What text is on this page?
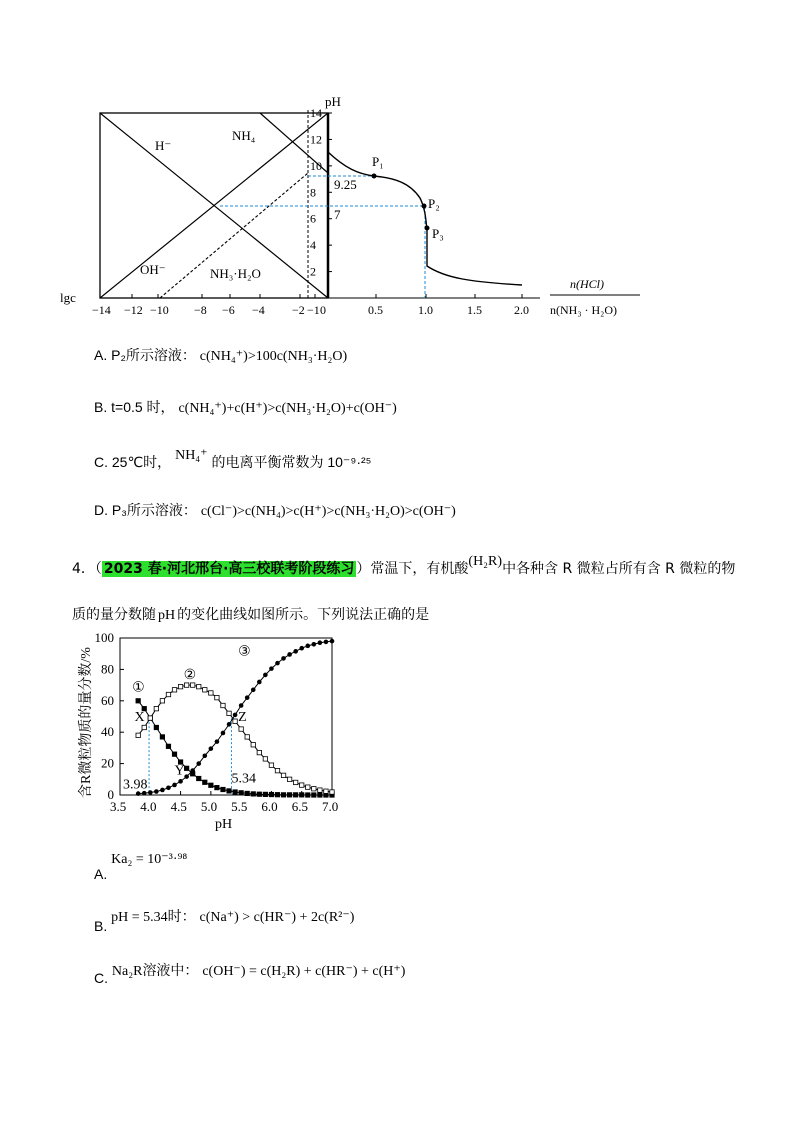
2
4
6
8
10
12
14
−14 −12 −10 −8 −6 −4 −2 −1 0	0.5	1.0	1.5	2.0
pH
H⁻
NH₄
OH⁻	NH₃·H₂O
P₁
P₂
P₃
9.25
7
lgc
n(HCl)
n(NH₃ · H₂O)
A. P₂所示溶液： c(NH₄⁺)>100c(NH₃·H₂O)
B. t=0.5 时， c(NH₄⁺)+c(H⁺)>c(NH₃·H₂O)+c(OH⁻)
C. 25℃时， NH₄⁺ 的电离平衡常数为 10⁻⁹·²⁵
D. P₃所示溶液： c(Cl⁻)>c(NH₄)>c(H⁺)>c(NH₃·H₂O)>c(OH⁻)
4．（ 2023 春·河北邢台·高三校联考阶段练习 ）常温下，有机酸(H₂R)中各种含 R 微粒占所有含 R 微粒的物
质的量分数随 pH 的变化曲线如图所示。下列说法正确的是
3.5 4.0 4.5 5.0 5.5 6.0 6.5 7.0
0
20
40
60
80
100
①
②
③
X
Y
Z
3.98	5.34
pH
含R微粒物质的量分数/%
A. Ka₂ = 10⁻³·⁹⁸
B. pH = 5.34时： c(Na⁺) > c(HR⁻) + 2c(R²⁻)
C. Na₂R溶液中： c(OH⁻) = c(H₂R) + c(HR⁻) + c(H⁺)
